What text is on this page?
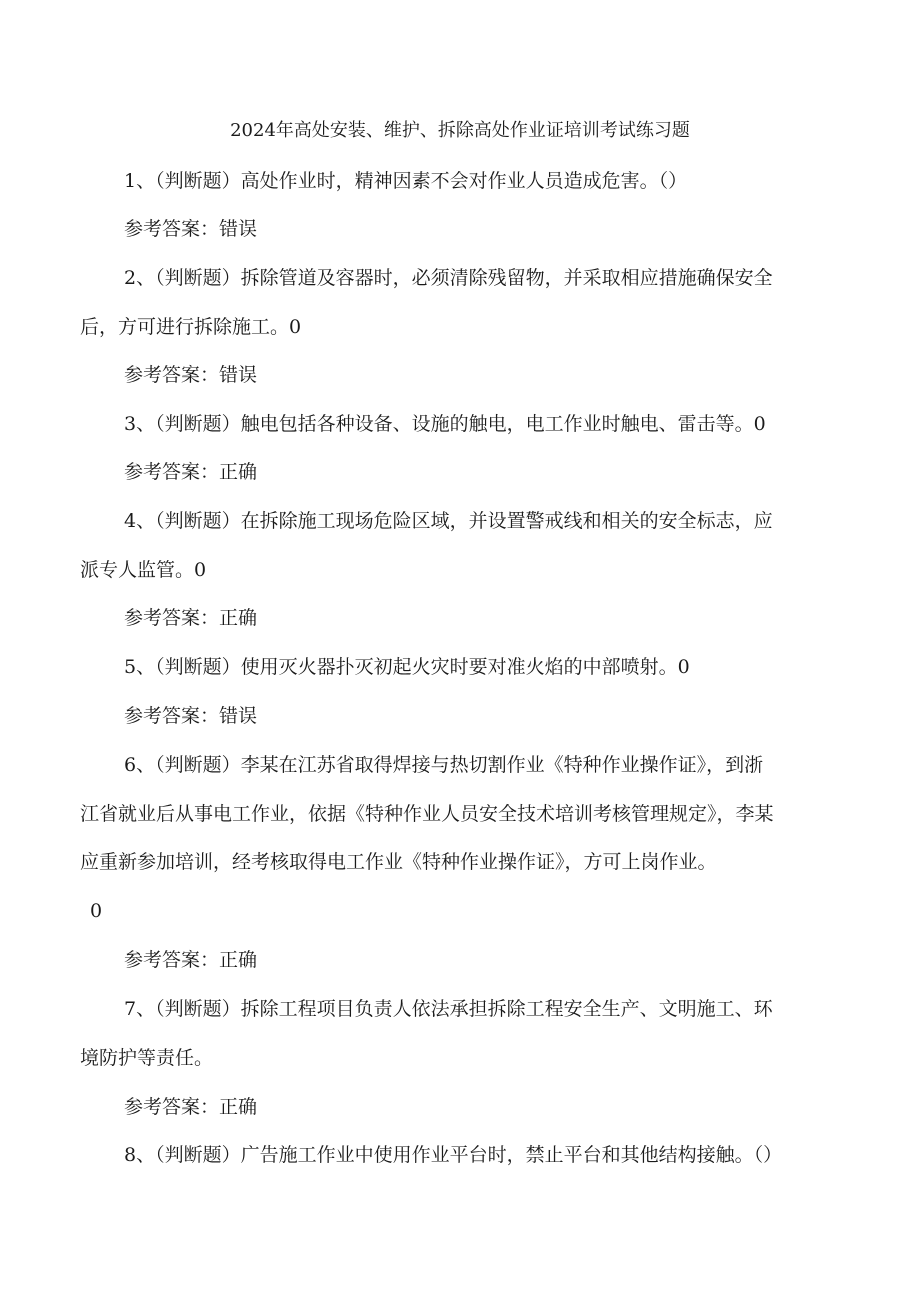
2024年高处安装、维护、拆除高处作业证培训考试练习题
1、（判断题）高处作业时，精神因素不会对作业人员造成危害。（）
参考答案：错误
2、（判断题）拆除管道及容器时，必须清除残留物，并采取相应措施确保安全
后，方可进行拆除施工。0
参考答案：错误
3、（判断题）触电包括各种设备、设施的触电，电工作业时触电、雷击等。0
参考答案：正确
4、（判断题）在拆除施工现场危险区域，并设置警戒线和相关的安全标志，应
派专人监管。0
参考答案：正确
5、（判断题）使用灭火器扑灭初起火灾时要对准火焰的中部喷射。0
参考答案：错误
6、（判断题）李某在江苏省取得焊接与热切割作业《特种作业操作证》，到浙
江省就业后从事电工作业，依据《特种作业人员安全技术培训考核管理规定》，李某
应重新参加培训，经考核取得电工作业《特种作业操作证》，方可上岗作业。
0
参考答案：正确
7、（判断题）拆除工程项目负责人依法承担拆除工程安全生产、文明施工、环
境防护等责任。
参考答案：正确
8、（判断题）广告施工作业中使用作业平台时，禁止平台和其他结构接触。（）
